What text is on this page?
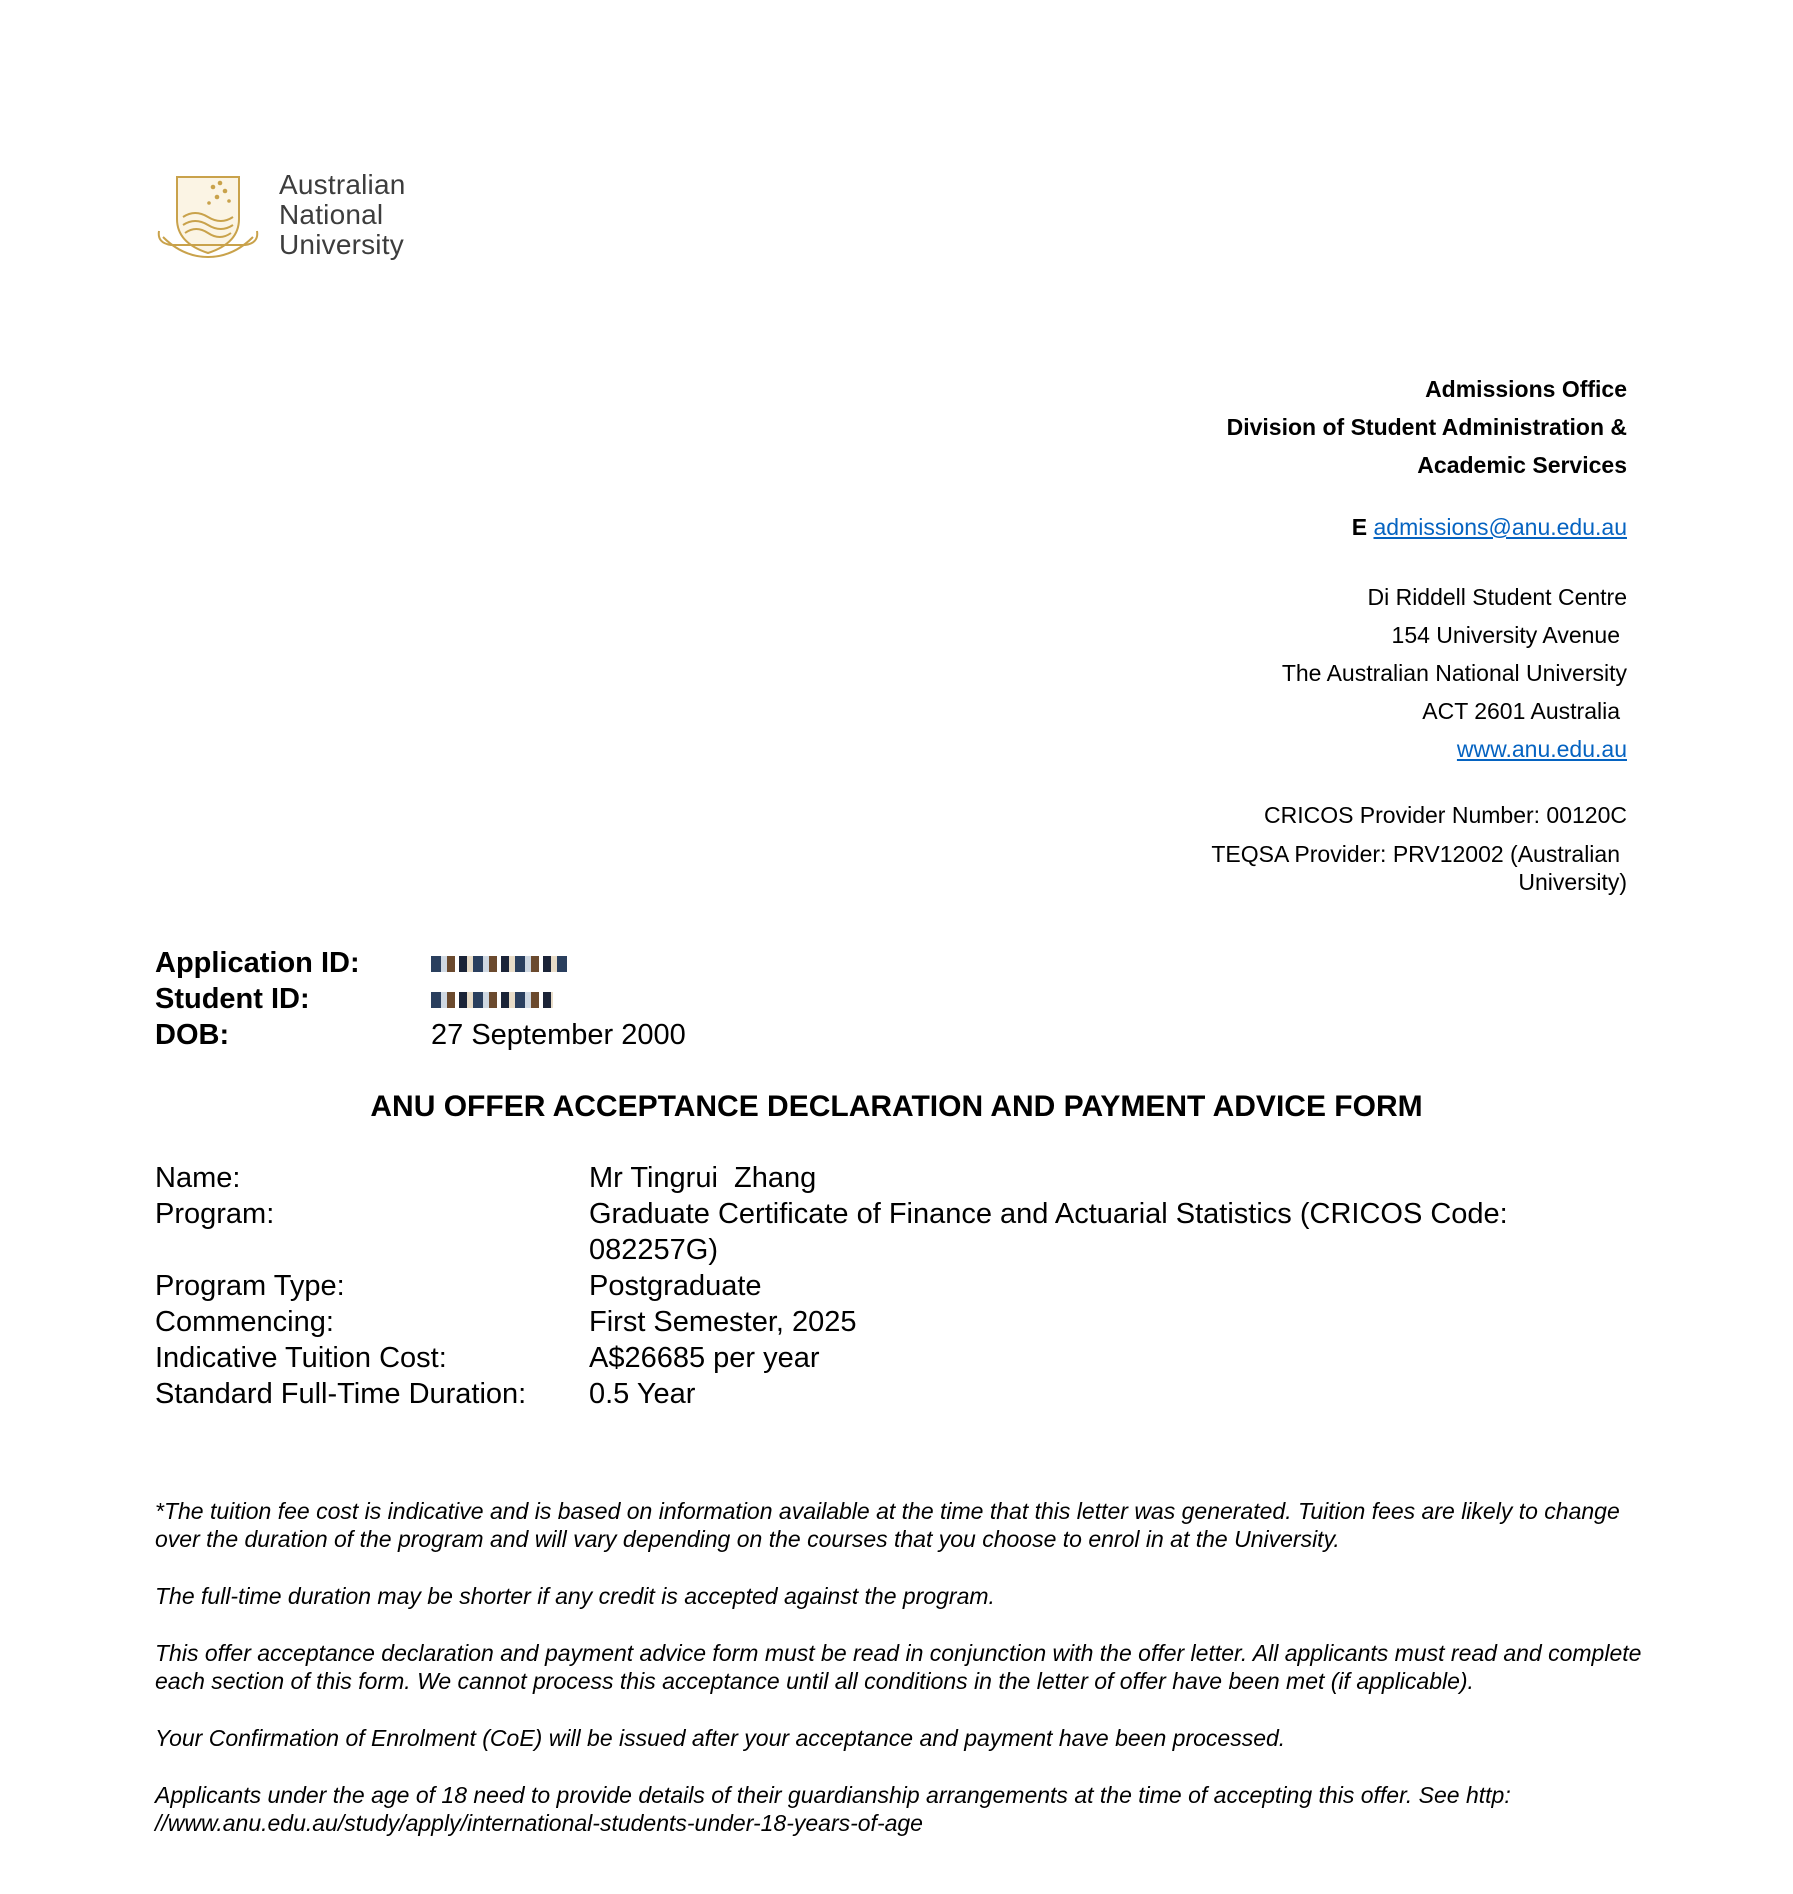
Australian
National
University
Admissions Office
Division of Student Administration &
Academic Services
E admissions@anu.edu.au
Di Riddell Student Centre
154 University Avenue
The Australian National University
ACT 2601 Australia
www.anu.edu.au
CRICOS Provider Number: 00120C
TEQSA Provider: PRV12002 (Australian
University)
Application ID:
Student ID:
DOB:	27 September 2000
ANU OFFER ACCEPTANCE DECLARATION AND PAYMENT ADVICE FORM
Name:	Mr Tingrui  Zhang
Program:	Graduate Certificate of Finance and Actuarial Statistics (CRICOS Code: 082257G)
Program Type:	Postgraduate
Commencing:	First Semester, 2025
Indicative Tuition Cost:	A$26685 per year
Standard Full-Time Duration:	0.5 Year

*The tuition fee cost is indicative and is based on information available at the time that this letter was generated. Tuition fees are likely to change over the duration of the program and will vary depending on the courses that you choose to enrol in at the University.

The full-time duration may be shorter if any credit is accepted against the program.

This offer acceptance declaration and payment advice form must be read in conjunction with the offer letter. All applicants must read and complete each section of this form. We cannot process this acceptance until all conditions in the letter of offer have been met (if applicable).

Your Confirmation of Enrolment (CoE) will be issued after your acceptance and payment have been processed.

Applicants under the age of 18 need to provide details of their guardianship arrangements at the time of accepting this offer. See http: //www.anu.edu.au/study/apply/international-students-under-18-years-of-age
